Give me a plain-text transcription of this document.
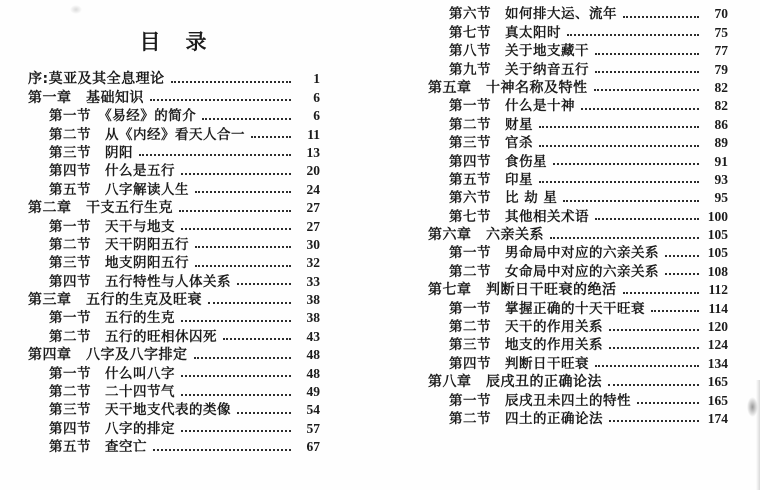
目　录
序:莫亚及其全息理论	1
第一章　基础知识	6
第一节　《易经》的简介	6
第二节　从《内经》看天人合一	11
第三节　阴阳	13
第四节　什么是五行	20
第五节　八字解读人生	24
第二章　干支五行生克	27
第一节　天干与地支	27
第二节　天干阴阳五行	30
第三节　地支阴阳五行	32
第四节　五行特性与人体关系	33
第三章　五行的生克及旺衰	38
第一节　五行的生克	38
第二节　五行的旺相休囚死	43
第四章　八字及八字排定	48
第一节　什么叫八字	48
第二节　二十四节气	49
第三节　天干地支代表的类像	54
第四节　八字的排定	57
第五节　查空亡	67
第六节　如何排大运、流年	70
第七节　真太阳时	75
第八节　关于地支藏干	77
第九节　关于纳音五行	79
第五章　十神名称及特性	82
第一节　什么是十神	82
第二节　财星	86
第三节　官杀	89
第四节　食伤星	91
第五节　印星	93
第六节　比 劫 星	95
第七节　其他相关术语	100
第六章　六亲关系	105
第一节　男命局中对应的六亲关系	105
第二节　女命局中对应的六亲关系	108
第七章　判断日干旺衰的绝活	112
第一节　掌握正确的十天干旺衰	114
第二节　天干的作用关系	120
第三节　地支的作用关系	124
第四节　判断日干旺衰	134
第八章　辰戌丑的正确论法	165
第一节　辰戌丑未四土的特性	165
第二节　四土的正确论法	174
